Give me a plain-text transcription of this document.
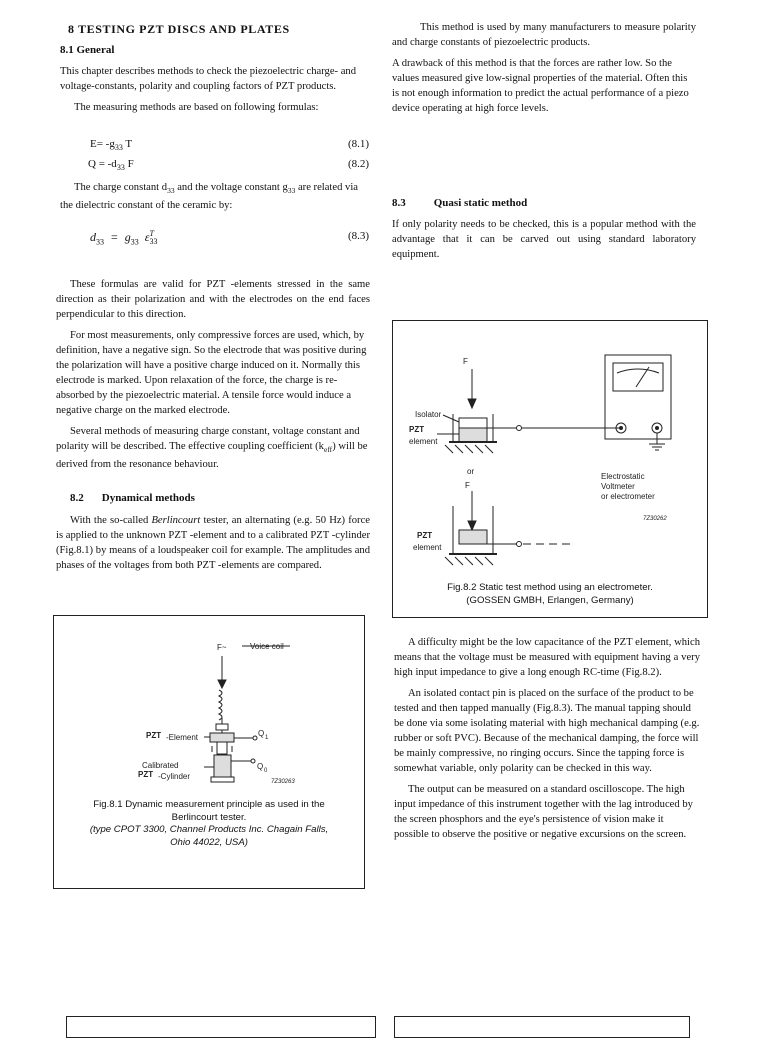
8 TESTING PZT DISCS AND PLATES
8.1 General

This chapter describes methods to check the piezoelectric charge- and voltage-constants, polarity and coupling factors of PZT products.

The measuring methods are based on following formulas:

$E= -g_{33}$ T	(8.1)
$Q = -d_{33}$ F	(8.2)
The charge constant $d_{33}$ and the voltage constant $g_{33}$ are related via the dielectric constant of the ceramic by:
$d_{33} = g_{33}$ ε T
33	(8.3)

These formulas are valid for PZT -elements stressed in the same direction as their polarization and with the electrodes on the end faces perpendicular to this direction.

For most measurements, only compressive forces are used, which, by definition, have a negative sign. So the electrode that was positive during the polarization will have a positive charge induced on it. Normally this electrode is marked. Upon relaxation of the force, the charge is re-absorbed by the piezoelectric material. A tensile force would induce a negative charge on the marked electrode.

Several methods of measuring charge constant, voltage constant and polarity will be described. The effective coupling coefficient $(k_{eff})$ will be derived from the resonance behaviour.

8.2 Dynamical methods

With the so-called Berlincourt tester, an alternating (e.g. 50 Hz) force is applied to the unknown PZT -element and to a calibrated PZT -cylinder (Fig.8.1) by means of a loudspeaker coil for example. The amplitudes and phases of the voltages from both PZT -elements are compared.

F~	Voice coil
PZT -Element
Calibrated
PZT -Cylinder
Q 1
Q 0
7Z30263
Fig.8.1 Dynamic measurement principle as used in the
Berlincourt tester.
(type CPOT 3300, Channel Products Inc. Chagain Falls,
Ohio 44022, USA)

This method is used by many manufacturers to measure polarity and charge constants of piezoelectric products.

A drawback of this method is that the forces are rather low. So the values measured give low-signal properties of the material. Often this is not enough information to predict the actual performance of a piezo device operating at high force levels.

8.3	Quasi static method

If only polarity needs to be checked, this is a popular method with the advantage that it can be carved out using standard laboratory equipment.

F
Isolator
PZT
element
or
F
PZT
element
Electrostatic
Voltmeter
or electrometer
7Z30262
Fig.8.2 Static test method using an electrometer.
(GOSSEN GMBH, Erlangen, Germany)

A difficulty might be the low capacitance of the PZT element, which means that the voltage must be measured with equipment having a very high input impedance to give a long enough RC-time (Fig.8.2).

An isolated contact pin is placed on the surface of the product to be tested and then tapped manually (Fig.8.3). The manual tapping should be done via some isolating material with high mechanical damping (e.g. rubber or soft PVC). Because of the mechanical damping, the force will be mainly compressive, no ringing occurs. Since the tapping force is somewhat variable, only polarity can be checked in this way.

The output can be measured on a standard oscilloscope. The high input impedance of this instrument together with the lag introduced by the screen phosphors and the eye's persistence of vision make it possible to observe the positive or negative excursions on the screen.
